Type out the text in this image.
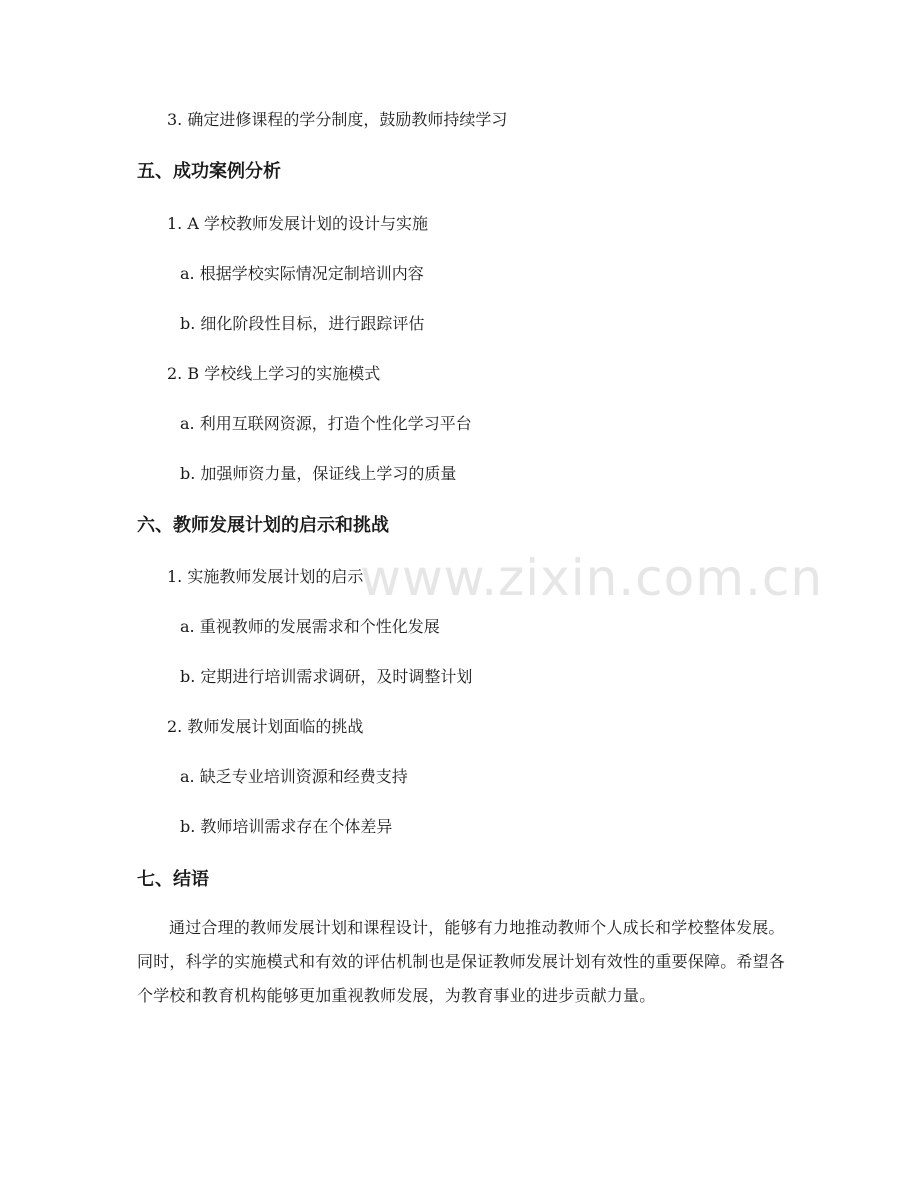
www.zixin.com.cn

3. 确定进修课程的学分制度，鼓励教师持续学习

五、成功案例分析

1. A 学校教师发展计划的设计与实施

a. 根据学校实际情况定制培训内容

b. 细化阶段性目标，进行跟踪评估

2. B 学校线上学习的实施模式

a. 利用互联网资源，打造个性化学习平台

b. 加强师资力量，保证线上学习的质量

六、教师发展计划的启示和挑战

1. 实施教师发展计划的启示

a. 重视教师的发展需求和个性化发展

b. 定期进行培训需求调研，及时调整计划

2. 教师发展计划面临的挑战

a. 缺乏专业培训资源和经费支持

b. 教师培训需求存在个体差异

七、结语

通过合理的教师发展计划和课程设计，能够有力地推动教师个人成长和学校整体发展。同时，科学的实施模式和有效的评估机制也是保证教师发展计划有效性的重要保障。希望各个学校和教育机构能够更加重视教师发展，为教育事业的进步贡献力量。
